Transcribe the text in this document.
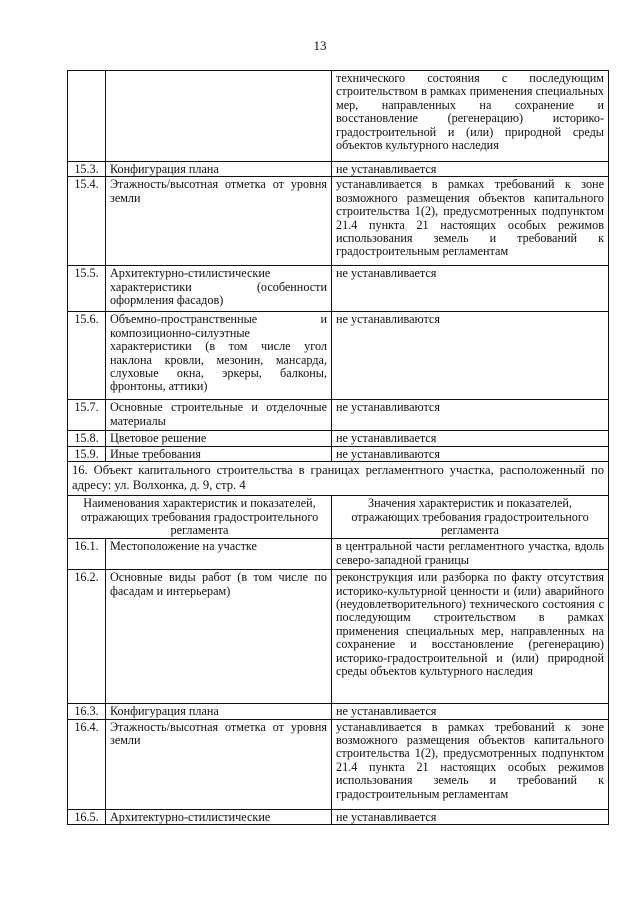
13
		технического состояния с последующим строительством в рамках применения специальных мер, направленных на сохранение и восстановление (регенерацию) историко-градостроительной и (или) природной среды объектов культурного наследия
15.3.	Конфигурация плана	не устанавливается
15.4.	Этажность/высотная отметка от уровня земли	устанавливается в рамках требований к зоне возможного размещения объектов капитального строительства 1(2), предусмотренных подпунктом 21.4 пункта 21 настоящих особых режимов использования земель и требований к градостроительным регламентам
15.5.	Архитектурно-стилистические характеристики (особенности оформления фасадов)	не устанавливается
15.6.	Объемно-пространственные и композиционно-силуэтные характеристики (в том числе угол наклона кровли, мезонин, мансарда, слуховые окна, эркеры, балконы, фронтоны, аттики)	не устанавливаются
15.7.	Основные строительные и отделочные материалы	не устанавливаются
15.8.	Цветовое решение	не устанавливается
15.9.	Иные требования	не устанавливаются
16. Объект капитального строительства в границах регламентного участка, расположенный по адресу: ул. Волхонка, д. 9, стр. 4		
Наименования характеристик и показателей, отражающих требования градостроительного регламента		Значения характеристик и показателей, отражающих требования градостроительного регламента
16.1.	Местоположение на участке	в центральной части регламентного участка, вдоль северо-западной границы
16.2.	Основные виды работ (в том числе по фасадам и интерьерам)	реконструкция или разборка по факту отсутствия историко-культурной ценности и (или) аварийного (неудовлетворительного) технического состояния с последующим строительством в рамках применения специальных мер, направленных на сохранение и восстановление (регенерацию) историко-градостроительной и (или) природной среды объектов культурного наследия
16.3.	Конфигурация плана	не устанавливается
16.4.	Этажность/высотная отметка от уровня земли	устанавливается в рамках требований к зоне возможного размещения объектов капитального строительства 1(2), предусмотренных подпунктом 21.4 пункта 21 настоящих особых режимов использования земель и требований к градостроительным регламентам
16.5.	Архитектурно-стилистические	не устанавливается
